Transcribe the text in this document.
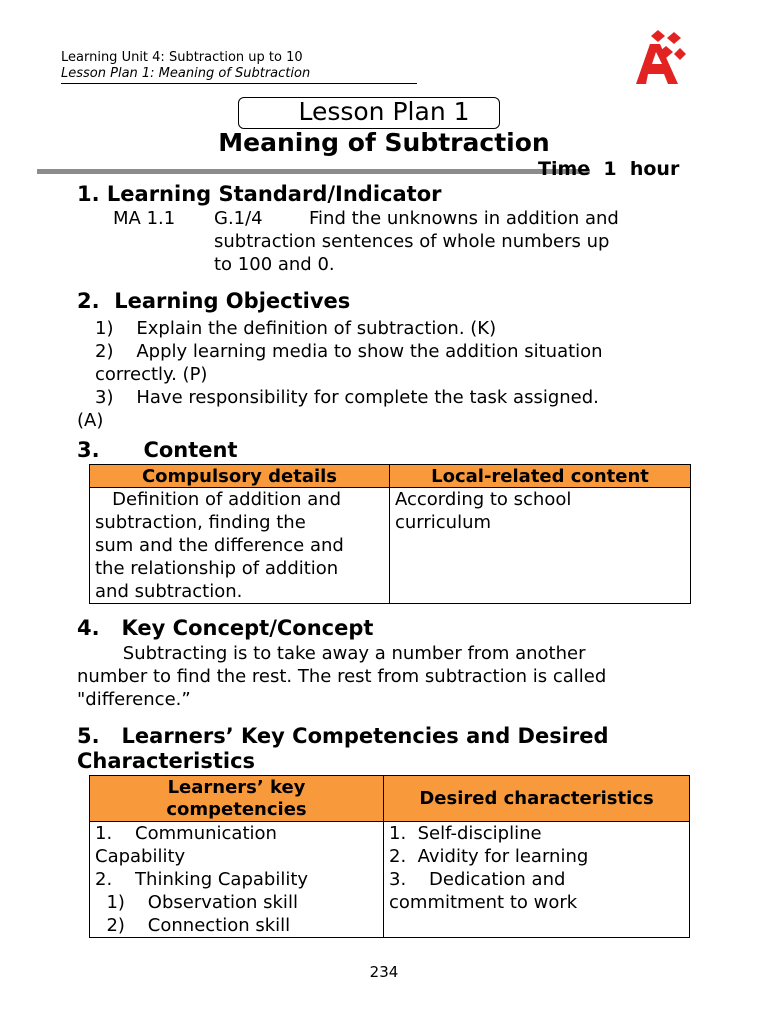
Learning Unit 4: Subtraction up to 10
Lesson Plan 1: Meaning of Subtraction
Lesson Plan 1
Meaning of Subtraction
Time  1  hour
1. Learning Standard/Indicator
MA 1.1 G.1/4	Find the unknowns in addition and
subtraction sentences of whole numbers up
to 100 and 0.
2.  Learning Objectives
1)    Explain the definition of subtraction. (K)
2)    Apply learning media to show the addition situation
correctly. (P)
3)    Have responsibility for complete the task assigned.
(A)
3.      Content
Compulsory details	Local-related content
Definition of addition and
subtraction, finding the
sum and the difference and
the relationship of addition
and subtraction.	According to school
curriculum
4.   Key Concept/Concept
Subtracting is to take away a number from another
number to find the rest. The rest from subtraction is called
"difference.”
5.   Learners’ Key Competencies and Desired
Characteristics
Learners’ key
competencies	Desired characteristics
1.    Communication
Capability
2.    Thinking Capability
1)    Observation skill
2)    Connection skill	1.  Self-discipline
2.  Avidity for learning
3.    Dedication and
commitment to work
234
